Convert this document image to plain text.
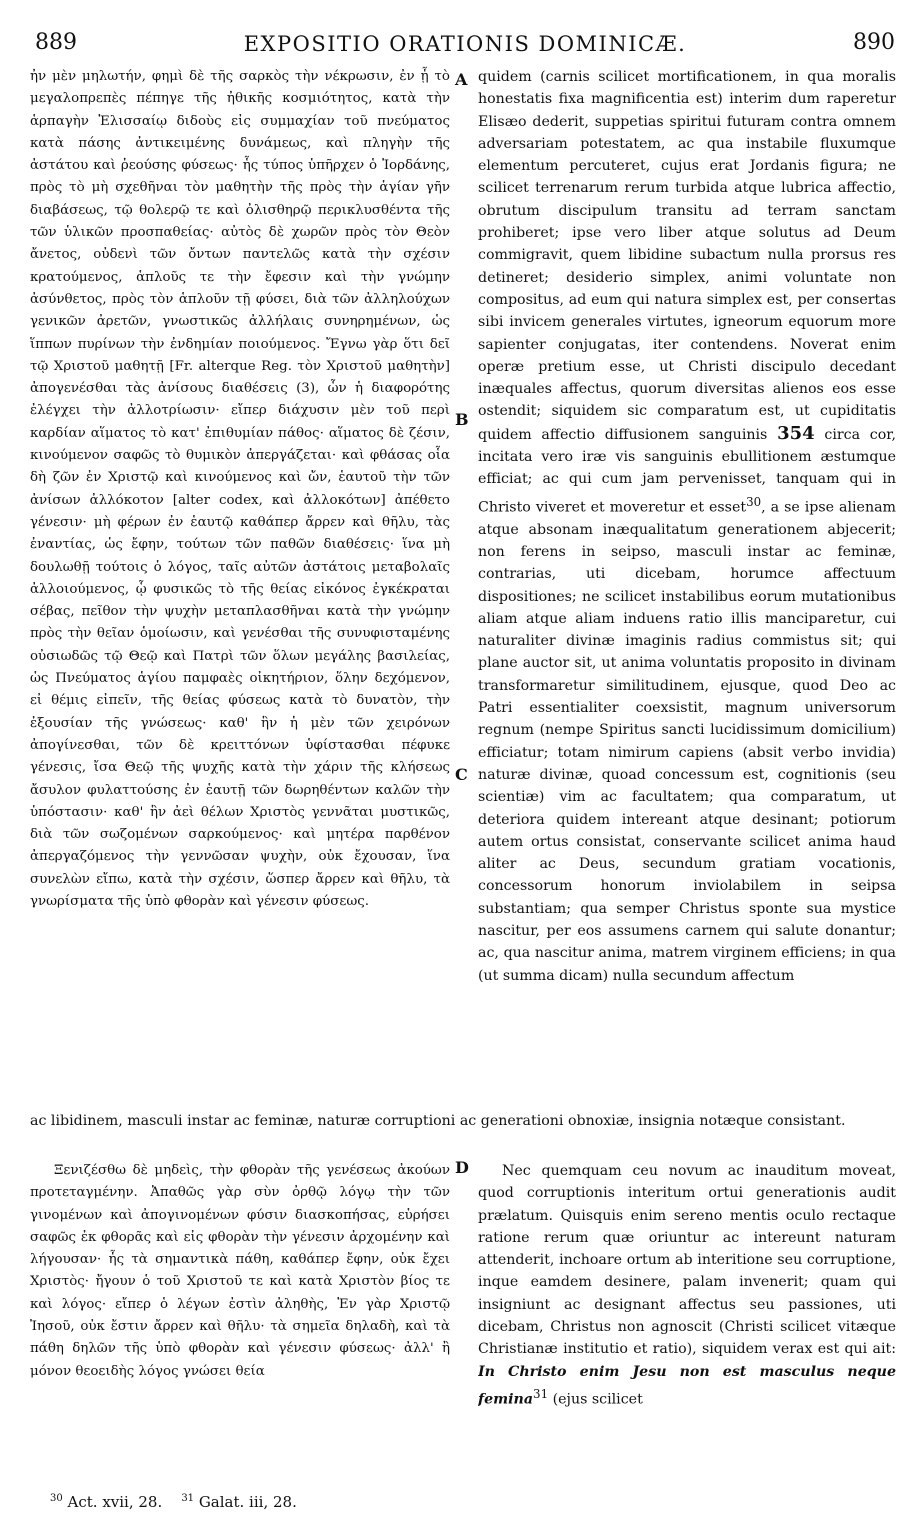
889	EXPOSITIO ORATIONIS DOMINICÆ.	890

ἠν μὲν μηλωτήν, φημὶ δὲ τῆς σαρκὸς τὴν νέκρωσιν, ἐν ᾗ τὸ μεγαλοπρεπὲς πέπηγε τῆς ἠθικῆς κοσμιότητος, κατὰ τὴν ἁρπαγὴν Ἐλισσαίῳ διδοὺς εἰς συμμαχίαν τοῦ πνεύματος κατὰ πάσης ἀντικειμένης δυνάμεως, καὶ πληγὴν τῆς ἀστάτου καὶ ῥεούσης φύσεως· ἧς τύπος ὑπῆρχεν ὁ Ἰορδάνης, πρὸς τὸ μὴ σχεθῆναι τὸν μαθητὴν τῆς πρὸς τὴν ἁγίαν γῆν διαβάσεως, τῷ θολερῷ τε καὶ ὀλισθηρῷ περικλυσθέντα τῆς τῶν ὑλικῶν προσπαθείας· αὐτὸς δὲ χωρῶν πρὸς τὸν Θεὸν ἄνετος, οὐδενὶ τῶν ὄντων παντελῶς κατὰ τὴν σχέσιν κρατούμενος, ἁπλοῦς τε τὴν ἔφεσιν καὶ τὴν γνώμην ἀσύνθετος, πρὸς τὸν ἁπλοῦν τῇ φύσει, διὰ τῶν ἀλληλούχων γενικῶν ἀρετῶν, γνωστικῶς ἀλλήλαις συνηρημένων, ὡς ἵππων πυρίνων τὴν ἐνδημίαν ποιούμενος. Ἔγνω γὰρ ὅτι δεῖ τῷ Χριστοῦ μαθητῇ [Fr. alterque Reg. τὸν Χριστοῦ μαθητὴν] ἀπογενέσθαι τὰς ἀνίσους διαθέσεις (3), ὧν ἡ διαφορότης ἐλέγχει τὴν ἀλλοτρίωσιν· εἴπερ διάχυσιν μὲν τοῦ περὶ καρδίαν αἵματος τὸ κατ' ἐπιθυμίαν πάθος· αἵματος δὲ ζέσιν, κινούμενον σαφῶς τὸ θυμικὸν ἀπεργάζεται· καὶ φθάσας οἷα δὴ ζῶν ἐν Χριστῷ καὶ κινούμενος καὶ ὤν, ἑαυτοῦ τὴν τῶν ἀνίσων ἀλλόκοτον [alter codex, καὶ ἀλλοκότων] ἀπέθετο γένεσιν· μὴ φέρων ἐν ἑαυτῷ καθάπερ ἄρρεν καὶ θῆλυ, τὰς ἐναντίας, ὡς ἔφην, τούτων τῶν παθῶν διαθέσεις· ἵνα μὴ δουλωθῇ τούτοις ὁ λόγος, ταῖς αὐτῶν ἀστάτοις μεταβολαῖς ἀλλοιούμενος, ᾧ φυσικῶς τὸ τῆς θείας εἰκόνος ἐγκέκραται σέβας, πεῖθον τὴν ψυχὴν μεταπλασθῆναι κατὰ τὴν γνώμην πρὸς τὴν θεῖαν ὁμοίωσιν, καὶ γενέσθαι τῆς συνυφισταμένης οὐσιωδῶς τῷ Θεῷ καὶ Πατρὶ τῶν ὅλων μεγάλης βασιλείας, ὡς Πνεύματος ἁγίου παμφαὲς οἰκητήριον, ὅλην δεχόμενον, εἰ θέμις εἰπεῖν, τῆς θείας φύσεως κατὰ τὸ δυνατὸν, τὴν ἐξουσίαν τῆς γνώσεως· καθ' ἣν ἡ μὲν τῶν χειρόνων ἀπογίνεσθαι, τῶν δὲ κρειττόνων ὑφίστασθαι πέφυκε γένεσις, ἴσα Θεῷ τῆς ψυχῆς κατὰ τὴν χάριν τῆς κλήσεως ἄσυλον φυλαττούσης ἐν ἑαυτῇ τῶν δωρηθέντων καλῶν τὴν ὑπόστασιν· καθ' ἣν ἀεὶ θέλων Χριστὸς γεννᾶται μυστικῶς, διὰ τῶν σωζομένων σαρκούμενος· καὶ μητέρα παρθένον ἀπεργαζόμενος τὴν γεννῶσαν ψυχὴν, οὐκ ἔχουσαν, ἵνα συνελὼν εἴπω, κατὰ τὴν σχέσιν, ὥσπερ ἄρρεν καὶ θῆλυ, τὰ γνωρίσματα τῆς ὑπὸ φθορὰν καὶ γένεσιν φύσεως.

A
B
C
D

quidem (carnis scilicet mortificationem, in qua moralis honestatis fixa magnificentia est) interim dum raperetur Elisæo dederit, suppetias spiritui futuram contra omnem adversariam potestatem, ac qua instabile fluxumque elementum percuteret, cujus erat Jordanis figura; ne scilicet terrenarum rerum turbida atque lubrica affectio, obrutum discipulum transitu ad terram sanctam prohiberet; ipse vero liber atque solutus ad Deum commigravit, quem libidine subactum nulla prorsus res detineret; desiderio simplex, animi voluntate non compositus, ad eum qui natura simplex est, per consertas sibi invicem generales virtutes, igneorum equorum more sapienter conjugatas, iter contendens. Noverat enim operæ pretium esse, ut Christi discipulo decedant inæquales affectus, quorum diversitas alienos eos esse ostendit; siquidem sic comparatum est, ut cupiditatis quidem affectio diffusionem sanguinis 354 circa cor, incitata vero iræ vis sanguinis ebullitionem æstumque efficiat; ac qui cum jam pervenisset, tanquam qui in Christo viveret et moveretur et esset$^{30}$, a se ipse alienam atque absonam inæqualitatum generationem abjecerit; non ferens in seipso, masculi instar ac feminæ, contrarias, uti dicebam, horumce affectuum dispositiones; ne scilicet instabilibus eorum mutationibus aliam atque aliam induens ratio illis manciparetur, cui naturaliter divinæ imaginis radius commistus sit; qui plane auctor sit, ut anima voluntatis proposito in divinam transformaretur similitudinem, ejusque, quod Deo ac Patri essentialiter coexsistit, magnum universorum regnum (nempe Spiritus sancti lucidissimum domicilium) efficiatur; totam nimirum capiens (absit verbo invidia) naturæ divinæ, quoad concessum est, cognitionis (seu scientiæ) vim ac facultatem; qua comparatum, ut deteriora quidem intereant atque desinant; potiorum autem ortus consistat, conservante scilicet anima haud aliter ac Deus, secundum gratiam vocationis, concessorum honorum inviolabilem in seipsa substantiam; qua semper Christus sponte sua mystice nascitur, per eos assumens carnem qui salute donantur; ac, qua nascitur anima, matrem virginem efficiens; in qua (ut summa dicam) nulla secundum affectum

ac libidinem, masculi instar ac feminæ, naturæ corruptioni ac generationi obnoxiæ, insignia notæque consistant.

Ξενιζέσθω δὲ μηδεὶς, τὴν φθορὰν τῆς γενέσεως ἀκούων προτεταγμένην. Ἀπαθῶς γὰρ σὺν ὀρθῷ λόγῳ τὴν τῶν γινομένων καὶ ἀπογινομένων φύσιν διασκοπήσας, εὑρήσει σαφῶς ἐκ φθορᾶς καὶ εἰς φθορὰν τὴν γένεσιν ἀρχομένην καὶ λήγουσαν· ἧς τὰ σημαντικὰ πάθη, καθάπερ ἔφην, οὐκ ἔχει Χριστὸς· ἤγουν ὁ τοῦ Χριστοῦ τε καὶ κατὰ Χριστὸν βίος τε καὶ λόγος· εἴπερ ὁ λέγων ἐστὶν ἀληθὴς, Ἐν γὰρ Χριστῷ Ἰησοῦ, οὐκ ἔστιν ἄρρεν καὶ θῆλυ· τὰ σημεῖα δηλαδὴ, καὶ τὰ πάθη δηλῶν τῆς ὑπὸ φθορὰν καὶ γένεσιν φύσεως· ἀλλ' ἢ μόνον θεοειδὴς λόγος γνώσει θεία

Nec quemquam ceu novum ac inauditum moveat, quod corruptionis interitum ortui generationis audit prælatum. Quisquis enim sereno mentis oculo rectaque ratione rerum quæ oriuntur ac intereunt naturam attenderit, inchoare ortum ab interitione seu corruptione, inque eamdem desinere, palam invenerit; quam qui insigniunt ac designant affectus seu passiones, uti dicebam, Christus non agnoscit (Christi scilicet vitæque Christianæ institutio et ratio), siquidem verax est qui ait: In Christo enim Jesu non est masculus neque femina$^{31}$ (ejus scilicet

$^{30}$ Act. xvii, 28. $^{31}$ Galat. iii, 28.
